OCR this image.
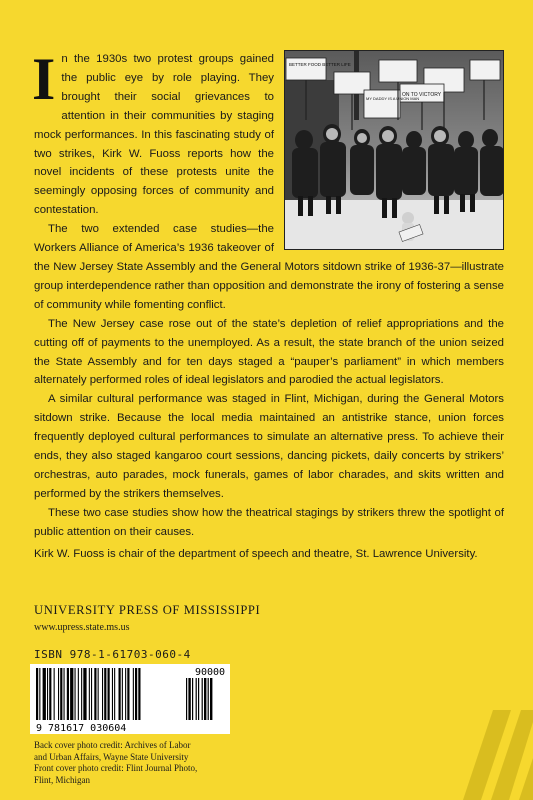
BETTER FOOD BETTER LIFE
ON TO VICTORY
MY DADDY IS A UNION MAN

In the 1930s two protest groups gained the public eye by role playing. They brought their social grievances to attention in their communities by staging mock performances. In this fascinating study of two strikes, Kirk W. Fuoss reports how the novel incidents of these protests unite the seemingly opposing forces of community and contestation.

The two extended case studies—the Workers Alliance of America’s 1936 takeover of the New Jersey State Assembly and the General Motors sitdown strike of 1936-37—illustrate group interdependence rather than opposition and demonstrate the irony of fostering a sense of community while fomenting conflict.

The New Jersey case rose out of the state’s depletion of relief appropriations and the cutting off of payments to the unemployed. As a result, the state branch of the union seized the State Assembly and for ten days staged a “pauper’s parliament” in which members alternately performed roles of ideal legislators and parodied the actual legislators.

A similar cultural performance was staged in Flint, Michigan, during the General Motors sitdown strike. Because the local media maintained an antistrike stance, union forces frequently deployed cultural performances to simulate an alternative press. To achieve their ends, they also staged kangaroo court sessions, dancing pickets, daily concerts by strikers’ orchestras, auto parades, mock funerals, games of labor charades, and skits written and performed by the strikers themselves.

These two case studies show how the theatrical stagings by strikers threw the spotlight of public attention on their causes.

Kirk W. Fuoss is chair of the department of speech and theatre, St. Lawrence University.
UNIVERSITY PRESS OF MISSISSIPPI
www.upress.state.ms.us
ISBN 978-1-61703-060-4
90000
9 781617 030604
Back cover photo credit: Archives of Labor
and Urban Affairs, Wayne State University
Front cover photo credit: Flint Journal Photo,
Flint, Michigan
